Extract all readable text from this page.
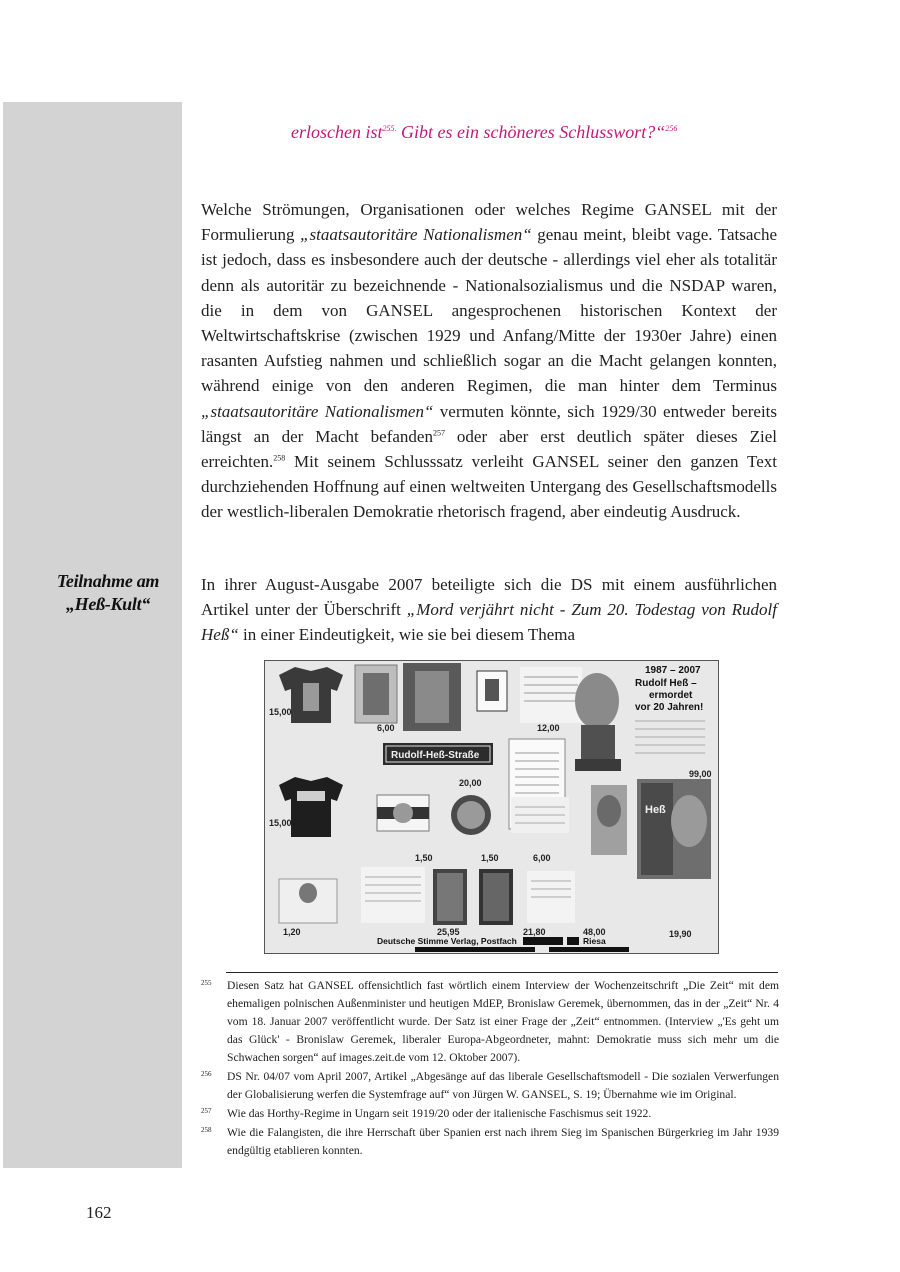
Teilnahme am
„Heß-Kult“
erloschen ist$^{255.}$ Gibt es ein schöneres Schlusswort?“$^{256}$
Welche Strömungen, Organisationen oder welches Regime GANSEL mit der Formulierung „staatsautoritäre Nationalismen“ genau meint, bleibt vage. Tatsache ist jedoch, dass es insbesondere auch der deutsche - allerdings viel eher als totalitär denn als autoritär zu bezeichnende - Nationalsozialismus und die NSDAP waren, die in dem von GANSEL angesprochenen historischen Kontext der Weltwirtschaftskrise (zwischen 1929 und Anfang/Mitte der 1930er Jahre) einen rasanten Aufstieg nahmen und schließlich sogar an die Macht gelangen konnten, während einige von den anderen Regimen, die man hinter dem Terminus „staatsautoritäre Nationalismen“ vermuten könnte, sich 1929/30 entweder bereits längst an der Macht befanden$^{257}$ oder aber erst deutlich später dieses Ziel erreichten.$^{258}$ Mit seinem Schlusssatz verleiht GANSEL seiner den ganzen Text durchziehenden Hoffnung auf einen weltweiten Untergang des Gesellschaftsmodells der westlich-liberalen Demokratie rhetorisch fragend, aber eindeutig Ausdruck.
In ihrer August-Ausgabe 2007 beteiligte sich die DS mit einem ausführlichen Artikel unter der Überschrift „Mord verjährt nicht - Zum 20. Todestag von Rudolf Heß“ in einer Eindeutigkeit, wie sie bei diesem Thema
15,00
6,00	12,00
1987 – 2007
Rudolf Heß –
ermordet
vor 20 Jahren!
99,00
Rudolf-Heß-Straße
20,00
15,00
1,50	1,50	6,00
Heß
1,20	25,95	21,80	48,00	19,90
Deutsche Stimme Verlag, Postfach	Riesa
255 Diesen Satz hat GANSEL offensichtlich fast wörtlich einem Interview der Wochenzeitschrift „Die Zeit“ mit dem ehemaligen polnischen Außenminister und heutigen MdEP, Bronislaw Geremek, übernommen, das in der „Zeit“ Nr. 4 vom 18. Januar 2007 veröffentlicht wurde. Der Satz ist einer Frage der „Zeit“ entnommen. (Interview „'Es geht um das Glück' - Bronislaw Geremek, liberaler Europa-Abgeordneter, mahnt: Demokratie muss sich mehr um die Schwachen sorgen“ auf images.zeit.de vom 12. Oktober 2007).
256 DS Nr. 04/07 vom April 2007, Artikel „Abgesänge auf das liberale Gesellschaftsmodell - Die sozialen Verwerfungen der Globalisierung werfen die Systemfrage auf“ von Jürgen W. GANSEL, S. 19; Übernahme wie im Original.
257 Wie das Horthy-Regime in Ungarn seit 1919/20 oder der italienische Faschismus seit 1922.
258 Wie die Falangisten, die ihre Herrschaft über Spanien erst nach ihrem Sieg im Spanischen Bürgerkrieg im Jahr 1939 endgültig etablieren konnten.
162
